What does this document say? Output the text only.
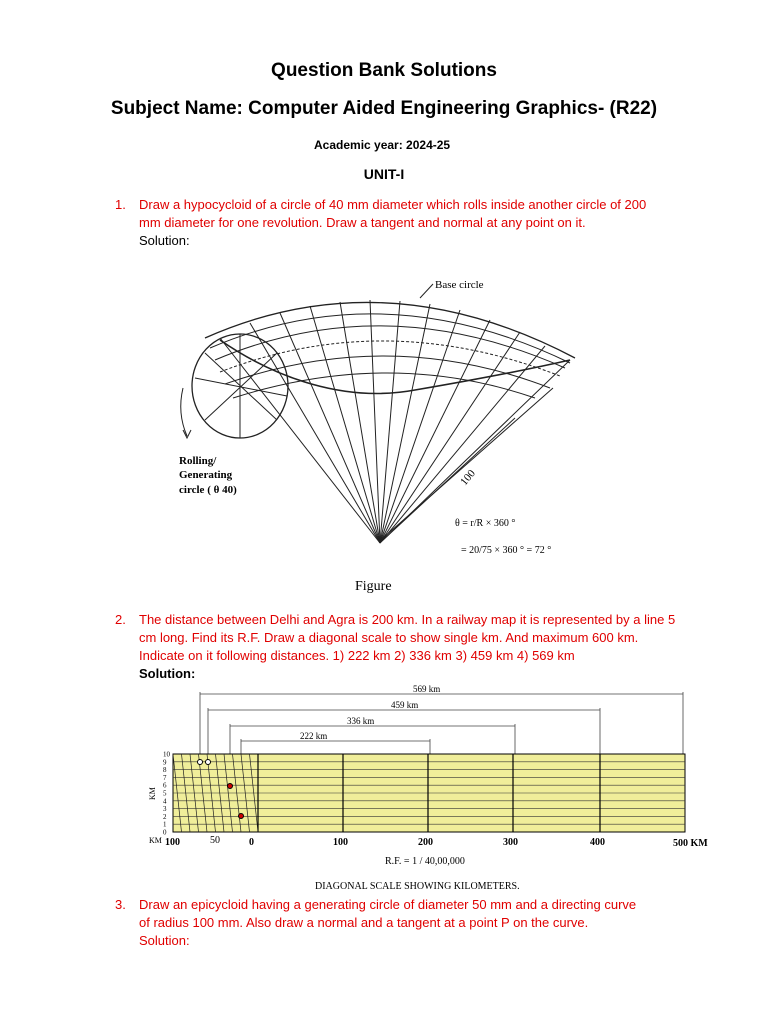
Question Bank Solutions
Subject Name: Computer Aided Engineering Graphics- (R22)
Academic year: 2024-25
UNIT-I
1. Draw a hypocycloid of a circle of 40 mm diameter which rolls inside another circle of 200
mm diameter for one revolution. Draw a tangent and normal at any point on it.
Solution:
Base circle
Rolling/
Generating
circle ( θ 40)
100
θ = r/R × 360 °
= 20/75 × 360 ° = 72 °
Figure
2. The distance between Delhi and Agra is 200 km. In a railway map it is represented by a line 5
cm long. Find its R.F. Draw a diagonal scale to show single km. And maximum 600 km.
Indicate on it following distances. 1) 222 km 2) 336 km 3) 459 km 4) 569 km
Solution:
569 km
459 km
336 km
222 km
10
9
8
7
6
5
4
3
2
1
0
KM
KM 100	50	0	100	200	300	400	500 KM
R.F. = 1 / 40,00,000
DIAGONAL SCALE SHOWING KILOMETERS.
3. Draw an epicycloid having a generating circle of diameter 50 mm and a directing curve
of radius 100 mm. Also draw a normal and a tangent at a point P on the curve.
Solution:
